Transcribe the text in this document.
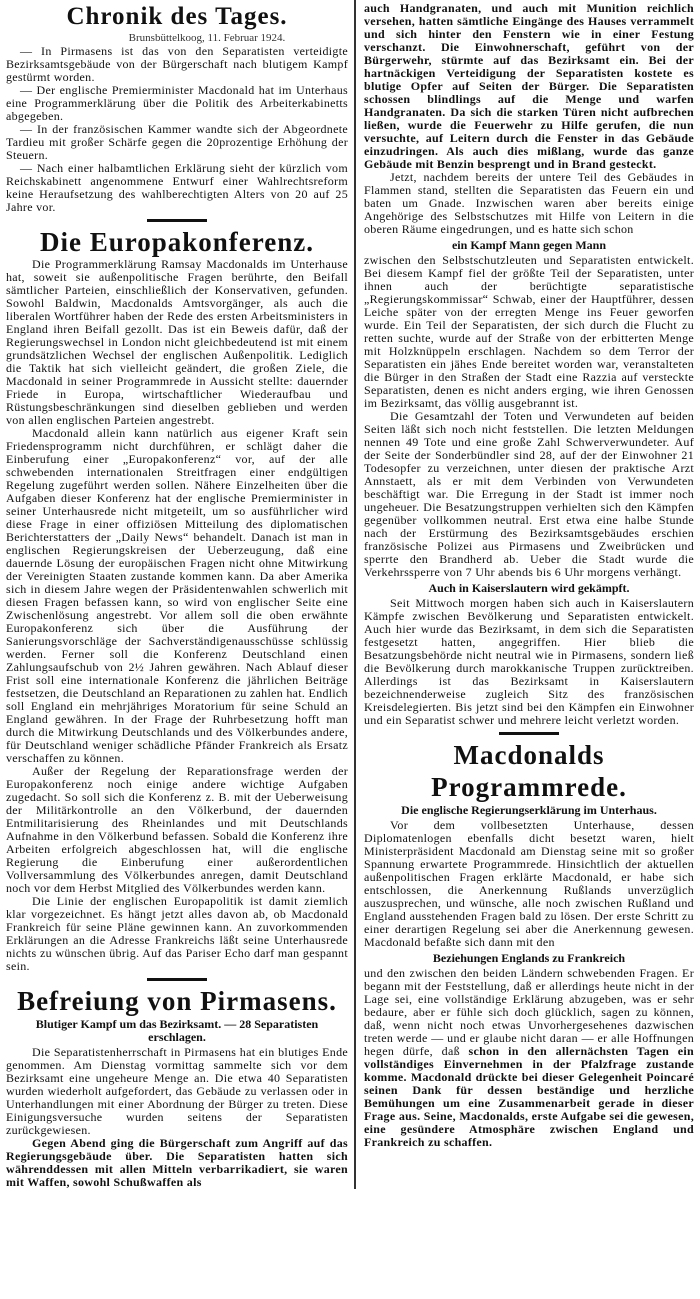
Chronik des Tages.
Brunsbüttelkoog, 11. Februar 1924.

— In Pirmasens ist das von den Separatisten verteidigte Bezirksamtsgebäude von der Bürgerschaft nach blutigem Kampf gestürmt worden.

— Der englische Premierminister Macdonald hat im Unterhaus eine Programmerklärung über die Politik des Arbeiterkabinetts abgegeben.

— In der französischen Kammer wandte sich der Abgeordnete Tardieu mit großer Schärfe gegen die 20prozentige Erhöhung der Steuern.

— Nach einer halbamtlichen Erklärung sieht der kürzlich vom Reichskabinett angenommene Entwurf einer Wahlrechtsreform keine Heraufsetzung des wahlberechtigten Alters von 20 auf 25 Jahre vor.

Die Europakonferenz.

Die Programmerklärung Ramsay Macdonalds im Unterhause hat, soweit sie außenpolitische Fragen berührte, den Beifall sämtlicher Parteien, einschließlich der Konservativen, gefunden. Sowohl Baldwin, Macdonalds Amtsvorgänger, als auch die liberalen Wortführer haben der Rede des ersten Arbeitsministers in England ihren Beifall gezollt. Das ist ein Beweis dafür, daß der Regierungswechsel in London nicht gleichbedeutend ist mit einem grundsätzlichen Wechsel der englischen Außenpolitik. Lediglich die Taktik hat sich vielleicht geändert, die großen Ziele, die Macdonald in seiner Programmrede in Aussicht stellte: dauernder Friede in Europa, wirtschaftlicher Wiederaufbau und Rüstungsbeschränkungen sind dieselben geblieben und werden von allen englischen Parteien angestrebt.

Macdonald allein kann natürlich aus eigener Kraft sein Friedensprogramm nicht durchführen, er schlägt daher die Einberufung einer „Europakonferenz“ vor, auf der alle schwebenden internationalen Streitfragen einer endgültigen Regelung zugeführt werden sollen. Nähere Einzelheiten über die Aufgaben dieser Konferenz hat der englische Premierminister in seiner Unterhausrede nicht mitgeteilt, um so ausführlicher wird diese Frage in einer offiziösen Mitteilung des diplomatischen Berichterstatters der „Daily News“ behandelt. Danach ist man in englischen Regierungskreisen der Ueberzeugung, daß eine dauernde Lösung der europäischen Fragen nicht ohne Mitwirkung der Vereinigten Staaten zustande kommen kann. Da aber Amerika sich in diesem Jahre wegen der Präsidentenwahlen schwerlich mit diesen Fragen befassen kann, so wird von englischer Seite eine Zwischenlösung angestrebt. Vor allem soll die oben erwähnte Europakonferenz sich über die Ausführung der Sanierungsvorschläge der Sachverständigenausschüsse schlüssig werden. Ferner soll die Konferenz Deutschland einen Zahlungsaufschub von 2½ Jahren gewähren. Nach Ablauf dieser Frist soll eine internationale Konferenz die jährlichen Beiträge festsetzen, die Deutschland an Reparationen zu zahlen hat. Endlich soll England ein mehrjähriges Moratorium für seine Schuld an England gewähren. In der Frage der Ruhrbesetzung hofft man durch die Mitwirkung Deutschlands und des Völkerbundes andere, für Deutschland weniger schädliche Pfänder Frankreich als Ersatz verschaffen zu können.

Außer der Regelung der Reparationsfrage werden der Europakonferenz noch einige andere wichtige Aufgaben zugedacht. So soll sich die Konferenz z. B. mit der Ueberweisung der Militärkontrolle an den Völkerbund, der dauernden Entmilitarisierung des Rheinlandes und mit Deutschlands Aufnahme in den Völkerbund befassen. Sobald die Konferenz ihre Arbeiten erfolgreich abgeschlossen hat, will die englische Regierung die Einberufung einer außerordentlichen Vollversammlung des Völkerbundes anregen, damit Deutschland noch vor dem Herbst Mitglied des Völkerbundes werden kann.

Die Linie der englischen Europapolitik ist damit ziemlich klar vorgezeichnet. Es hängt jetzt alles davon ab, ob Macdonald Frankreich für seine Pläne gewinnen kann. An zuvorkommenden Erklärungen an die Adresse Frankreichs läßt seine Unterhausrede nichts zu wünschen übrig. Auf das Pariser Echo darf man gespannt sein.

Befreiung von Pirmasens.
Blutiger Kampf um das Bezirksamt. — 28 Separatisten erschlagen.

Die Separatistenherrschaft in Pirmasens hat ein blutiges Ende genommen. Am Dienstag vormittag sammelte sich vor dem Bezirksamt eine ungeheure Menge an. Die etwa 40 Separatisten wurden wiederholt aufgefordert, das Gebäude zu verlassen oder in Unterhandlungen mit einer Abordnung der Bürger zu treten. Diese Einigungsversuche wurden seitens der Separatisten zurückgewiesen.

Gegen Abend ging die Bürgerschaft zum Angriff auf das Regierungsgebäude über. Die Separatisten hatten sich währenddessen mit allen Mitteln verbarrikadiert, sie waren mit Waffen, sowohl Schußwaffen als

auch Handgranaten, und auch mit Munition reichlich versehen, hatten sämtliche Eingänge des Hauses verrammelt und sich hinter den Fenstern wie in einer Festung verschanzt. Die Einwohnerschaft, geführt von der Bürgerwehr, stürmte auf das Bezirksamt ein. Bei der hartnäckigen Verteidigung der Separatisten kostete es blutige Opfer auf Seiten der Bürger. Die Separatisten schossen blindlings auf die Menge und warfen Handgranaten. Da sich die starken Türen nicht aufbrechen ließen, wurde die Feuerwehr zu Hilfe gerufen, die nun versuchte, auf Leitern durch die Fenster in das Gebäude einzudringen. Als auch dies mißlang, wurde das ganze Gebäude mit Benzin besprengt und in Brand gesteckt.

Jetzt, nachdem bereits der untere Teil des Gebäudes in Flammen stand, stellten die Separatisten das Feuern ein und baten um Gnade. Inzwischen waren aber bereits einige Angehörige des Selbstschutzes mit Hilfe von Leitern in die oberen Räume eingedrungen, und es hatte sich schon

ein Kampf Mann gegen Mann

zwischen den Selbstschutzleuten und Separatisten entwickelt. Bei diesem Kampf fiel der größte Teil der Separatisten, unter ihnen auch der berüchtigte separatistische „Regierungskommissar“ Schwab, einer der Hauptführer, dessen Leiche später von der erregten Menge ins Feuer geworfen wurde. Ein Teil der Separatisten, der sich durch die Flucht zu retten suchte, wurde auf der Straße von der erbitterten Menge mit Holzknüppeln erschlagen. Nachdem so dem Terror der Separatisten ein jähes Ende bereitet worden war, veranstalteten die Bürger in den Straßen der Stadt eine Razzia auf versteckte Separatisten, denen es nicht anders erging, wie ihren Genossen im Bezirksamt, das völlig ausgebrannt ist.

Die Gesamtzahl der Toten und Verwundeten auf beiden Seiten läßt sich noch nicht feststellen. Die letzten Meldungen nennen 49 Tote und eine große Zahl Schwerverwundeter. Auf der Seite der Sonderbündler sind 28, auf der der Einwohner 21 Todesopfer zu verzeichnen, unter diesen der praktische Arzt Annstaett, als er mit dem Verbinden von Verwundeten beschäftigt war. Die Erregung in der Stadt ist immer noch ungeheuer. Die Besatzungstruppen verhielten sich den Kämpfen gegenüber vollkommen neutral. Erst etwa eine halbe Stunde nach der Erstürmung des Bezirksamtsgebäudes erschien französische Polizei aus Pirmasens und Zweibrücken und sperrte den Brandherd ab. Ueber die Stadt wurde die Verkehrssperre von 7 Uhr abends bis 6 Uhr morgens verhängt.

Auch in Kaiserslautern wird gekämpft.

Seit Mittwoch morgen haben sich auch in Kaiserslautern Kämpfe zwischen Bevölkerung und Separatisten entwickelt. Auch hier wurde das Bezirksamt, in dem sich die Separatisten festgesetzt hatten, angegriffen. Hier blieb die Besatzungsbehörde nicht neutral wie in Pirmasens, sondern ließ die Bevölkerung durch marokkanische Truppen zurücktreiben. Allerdings ist das Bezirksamt in Kaiserslautern bezeichnenderweise zugleich Sitz des französischen Kreisdelegierten. Bis jetzt sind bei den Kämpfen ein Einwohner und ein Separatist schwer und mehrere leicht verletzt worden.

Macdonalds Programmrede.
Die englische Regierungserklärung im Unterhaus.

Vor dem vollbesetzten Unterhause, dessen Diplomatenlogen ebenfalls dicht besetzt waren, hielt Ministerpräsident Macdonald am Dienstag seine mit so großer Spannung erwartete Programmrede. Hinsichtlich der aktuellen außenpolitischen Fragen erklärte Macdonald, er habe sich entschlossen, die Anerkennung Rußlands unverzüglich auszusprechen, und wünsche, alle noch zwischen Rußland und England ausstehenden Fragen bald zu lösen. Der erste Schritt zu einer derartigen Regelung sei aber die Anerkennung gewesen. Macdonald befaßte sich dann mit den

Beziehungen Englands zu Frankreich

und den zwischen den beiden Ländern schwebenden Fragen. Er begann mit der Feststellung, daß er allerdings heute nicht in der Lage sei, eine vollständige Erklärung abzugeben, was er sehr bedaure, aber er fühle sich doch glücklich, sagen zu können, daß, wenn nicht noch etwas Unvorhergesehenes dazwischen treten werde — und er glaube nicht daran — er alle Hoffnungen hegen dürfe, daß schon in den allernächsten Tagen ein vollständiges Einvernehmen in der Pfalzfrage zustande komme. Macdonald drückte bei dieser Gelegenheit Poincaré seinen Dank für dessen beständige und herzliche Bemühungen um eine Zusammenarbeit gerade in dieser Frage aus. Seine, Macdonalds, erste Aufgabe sei die gewesen, eine gesündere Atmosphäre zwischen England und Frankreich zu schaffen.
